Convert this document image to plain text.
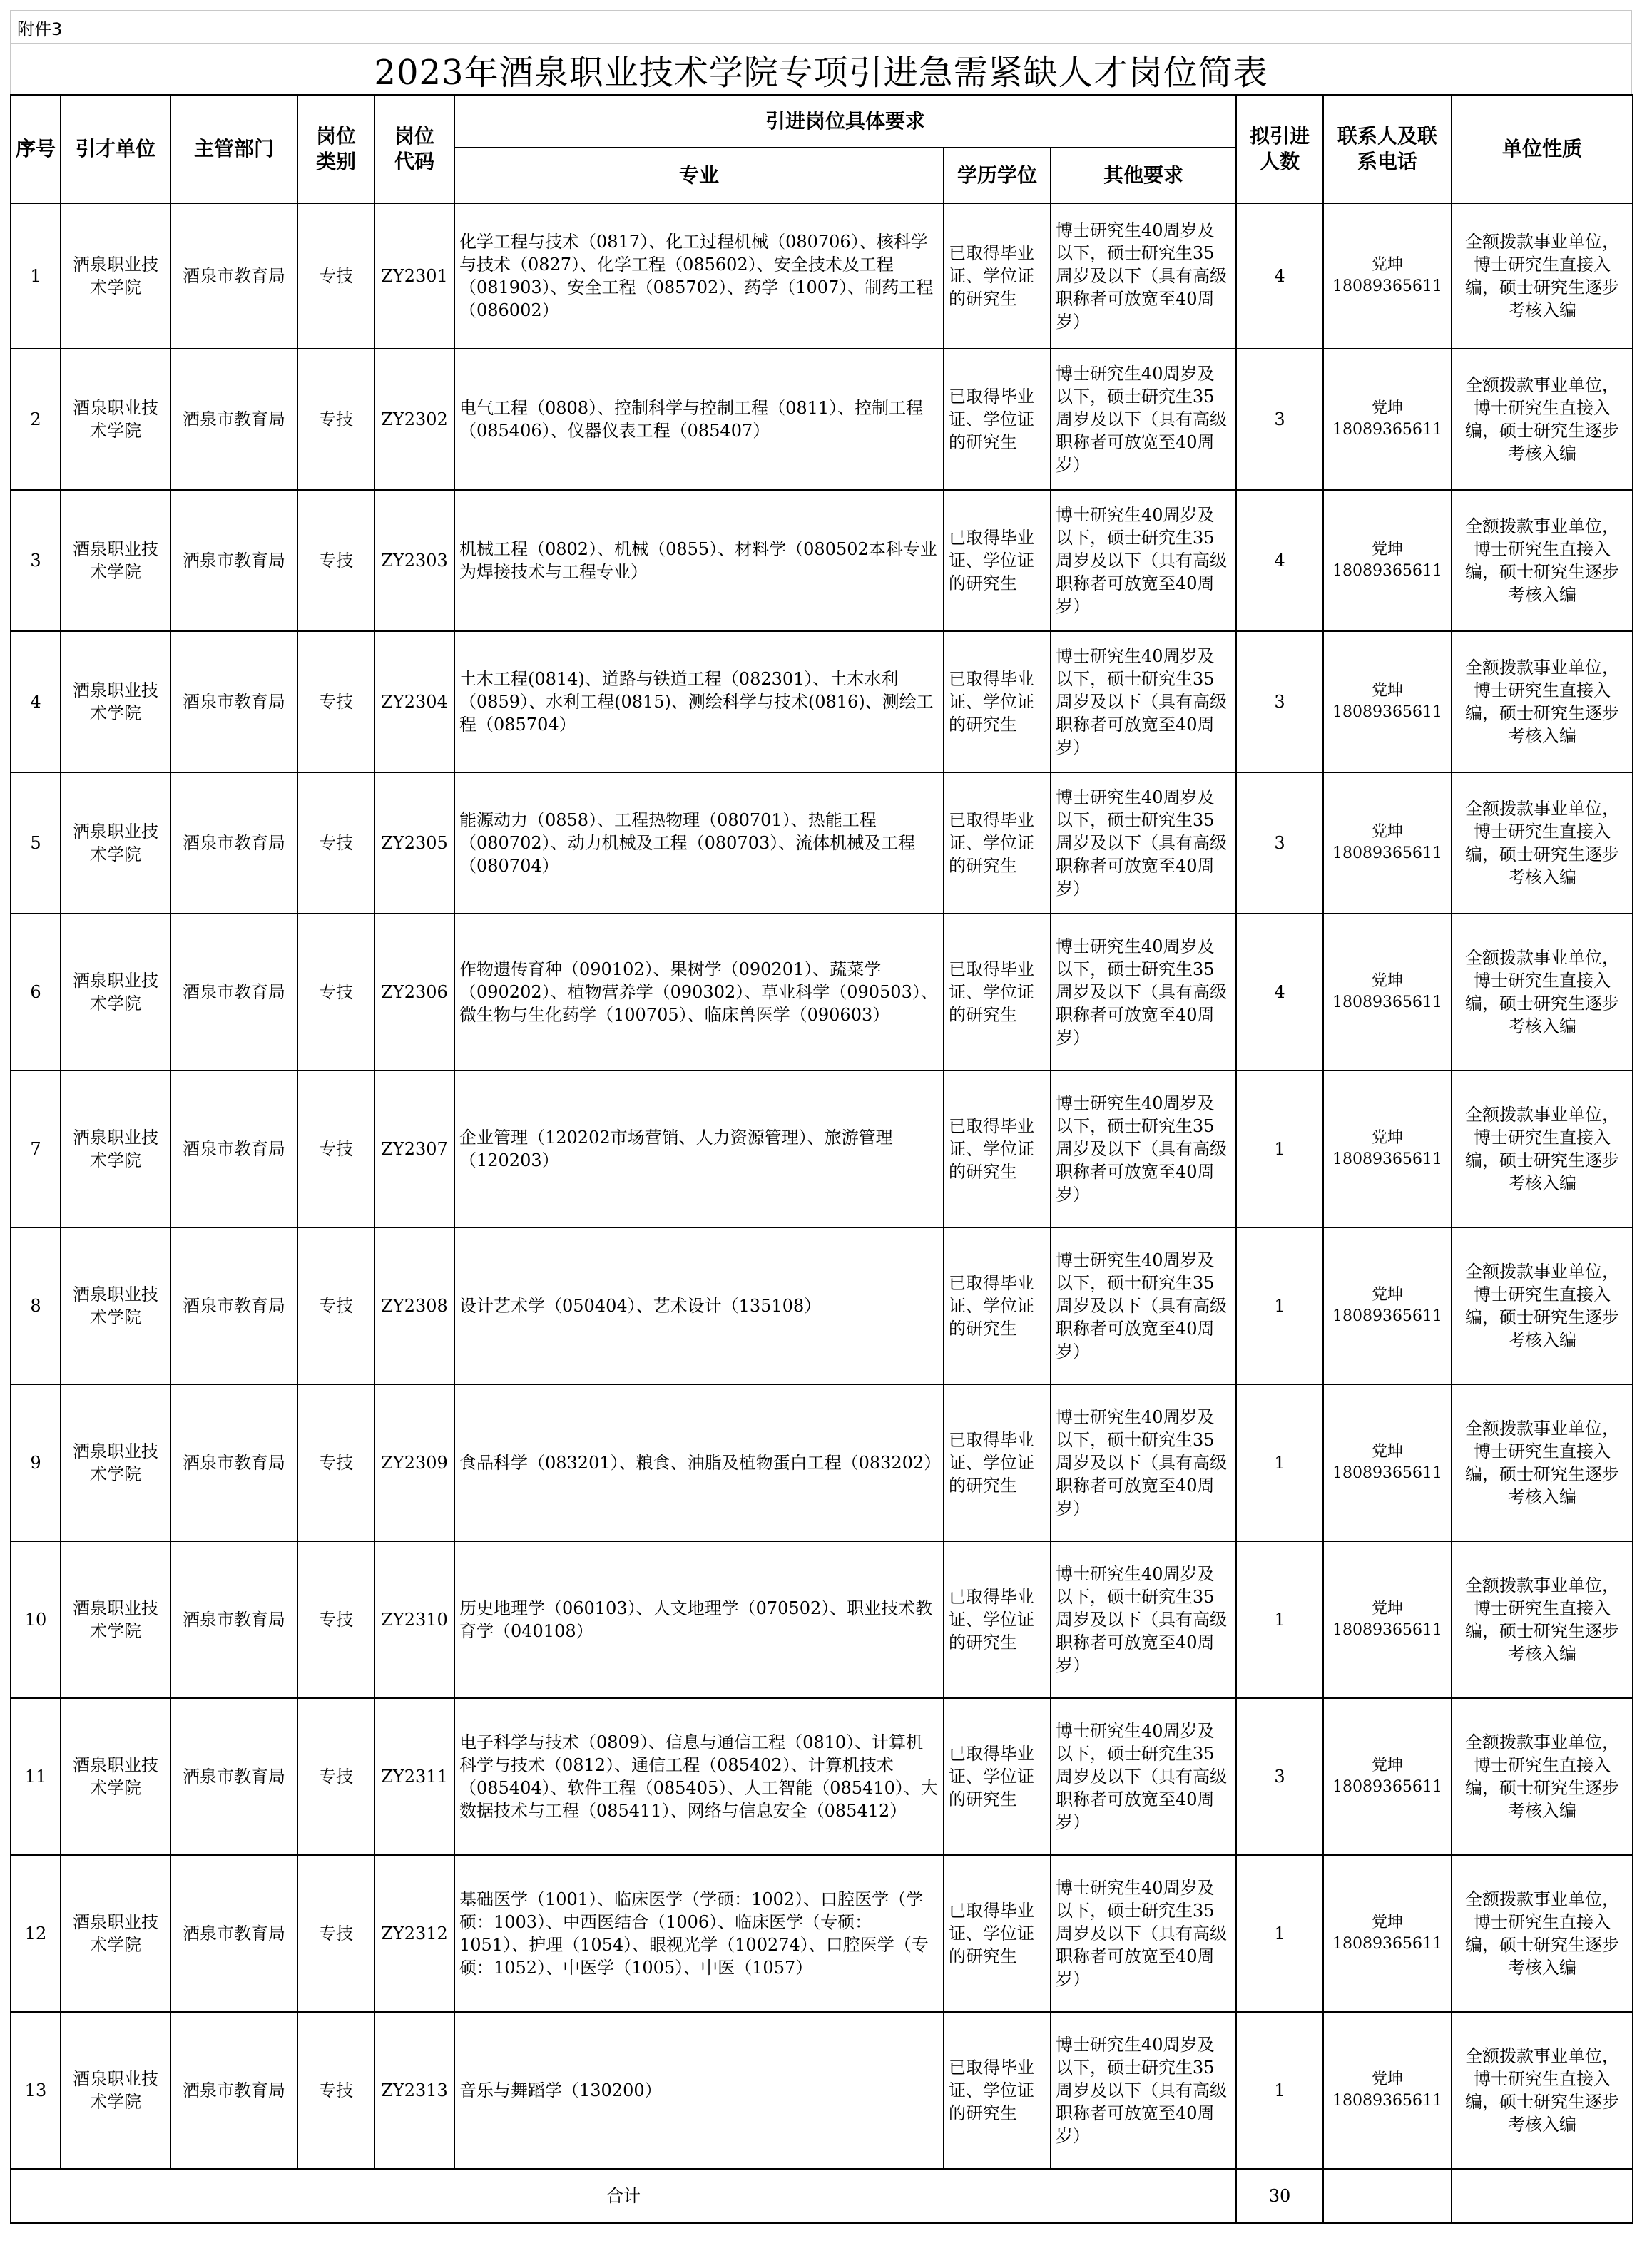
附件3
2023年酒泉职业技术学院专项引进急需紧缺人才岗位简表
序号	引才单位	主管部门	岗位类别	岗位代码	引进岗位具体要求			拟引进人数	联系人及联系电话	单位性质
					专业	学历学位	其他要求			
1	酒泉职业技术学院	酒泉市教育局	专技	ZY2301	化学工程与技术（0817）、化工过程机械（080706）、核科学与技术（0827）、化学工程（085602）、安全技术及工程（081903）、安全工程（085702）、药学（1007）、制药工程（086002）	已取得毕业证、学位证的研究生	博士研究生40周岁及以下，硕士研究生35周岁及以下（具有高级职称者可放宽至40周岁）	4	党坤
18089365611	全额拨款事业单位，博士研究生直接入编，硕士研究生逐步考核入编
2	酒泉职业技术学院	酒泉市教育局	专技	ZY2302	电气工程（0808）、控制科学与控制工程（0811）、控制工程（085406）、仪器仪表工程（085407）	已取得毕业证、学位证的研究生	博士研究生40周岁及以下，硕士研究生35周岁及以下（具有高级职称者可放宽至40周岁）	3	党坤
18089365611	全额拨款事业单位，博士研究生直接入编，硕士研究生逐步考核入编
3	酒泉职业技术学院	酒泉市教育局	专技	ZY2303	机械工程（0802）、机械（0855）、材料学（080502本科专业为焊接技术与工程专业）	已取得毕业证、学位证的研究生	博士研究生40周岁及以下，硕士研究生35周岁及以下（具有高级职称者可放宽至40周岁）	4	党坤
18089365611	全额拨款事业单位，博士研究生直接入编，硕士研究生逐步考核入编
4	酒泉职业技术学院	酒泉市教育局	专技	ZY2304	土木工程(0814)、道路与铁道工程（082301）、土木水利（0859）、水利工程(0815)、测绘科学与技术(0816)、测绘工程（085704）	已取得毕业证、学位证的研究生	博士研究生40周岁及以下，硕士研究生35周岁及以下（具有高级职称者可放宽至40周岁）	3	党坤
18089365611	全额拨款事业单位，博士研究生直接入编，硕士研究生逐步考核入编
5	酒泉职业技术学院	酒泉市教育局	专技	ZY2305	能源动力（0858）、工程热物理（080701）、热能工程（080702）、动力机械及工程（080703）、流体机械及工程（080704）	已取得毕业证、学位证的研究生	博士研究生40周岁及以下，硕士研究生35周岁及以下（具有高级职称者可放宽至40周岁）	3	党坤
18089365611	全额拨款事业单位，博士研究生直接入编，硕士研究生逐步考核入编
6	酒泉职业技术学院	酒泉市教育局	专技	ZY2306	作物遗传育种（090102）、果树学（090201）、蔬菜学（090202）、植物营养学（090302）、草业科学（090503）、微生物与生化药学（100705）、临床兽医学（090603）	已取得毕业证、学位证的研究生	博士研究生40周岁及以下，硕士研究生35周岁及以下（具有高级职称者可放宽至40周岁）	4	党坤
18089365611	全额拨款事业单位，博士研究生直接入编，硕士研究生逐步考核入编
7	酒泉职业技术学院	酒泉市教育局	专技	ZY2307	企业管理（120202市场营销、人力资源管理）、旅游管理（120203）	已取得毕业证、学位证的研究生	博士研究生40周岁及以下，硕士研究生35周岁及以下（具有高级职称者可放宽至40周岁）	1	党坤
18089365611	全额拨款事业单位，博士研究生直接入编，硕士研究生逐步考核入编
8	酒泉职业技术学院	酒泉市教育局	专技	ZY2308	设计艺术学（050404）、艺术设计（135108）	已取得毕业证、学位证的研究生	博士研究生40周岁及以下，硕士研究生35周岁及以下（具有高级职称者可放宽至40周岁）	1	党坤
18089365611	全额拨款事业单位，博士研究生直接入编，硕士研究生逐步考核入编
9	酒泉职业技术学院	酒泉市教育局	专技	ZY2309	食品科学（083201）、粮食、油脂及植物蛋白工程（083202）	已取得毕业证、学位证的研究生	博士研究生40周岁及以下，硕士研究生35周岁及以下（具有高级职称者可放宽至40周岁）	1	党坤
18089365611	全额拨款事业单位，博士研究生直接入编，硕士研究生逐步考核入编
10	酒泉职业技术学院	酒泉市教育局	专技	ZY2310	历史地理学（060103）、人文地理学（070502）、职业技术教育学（040108）	已取得毕业证、学位证的研究生	博士研究生40周岁及以下，硕士研究生35周岁及以下（具有高级职称者可放宽至40周岁）	1	党坤
18089365611	全额拨款事业单位，博士研究生直接入编，硕士研究生逐步考核入编
11	酒泉职业技术学院	酒泉市教育局	专技	ZY2311	电子科学与技术（0809）、信息与通信工程（0810）、计算机科学与技术（0812）、通信工程（085402）、计算机技术（085404）、软件工程（085405）、人工智能（085410）、大数据技术与工程（085411）、网络与信息安全（085412）	已取得毕业证、学位证的研究生	博士研究生40周岁及以下，硕士研究生35周岁及以下（具有高级职称者可放宽至40周岁）	3	党坤
18089365611	全额拨款事业单位，博士研究生直接入编，硕士研究生逐步考核入编
12	酒泉职业技术学院	酒泉市教育局	专技	ZY2312	基础医学（1001）、临床医学（学硕：1002）、口腔医学（学硕：1003）、中西医结合（1006）、临床医学（专硕：1051）、护理（1054）、眼视光学（100274）、口腔医学（专硕：1052）、中医学（1005）、中医（1057）	已取得毕业证、学位证的研究生	博士研究生40周岁及以下，硕士研究生35周岁及以下（具有高级职称者可放宽至40周岁）	1	党坤
18089365611	全额拨款事业单位，博士研究生直接入编，硕士研究生逐步考核入编
13	酒泉职业技术学院	酒泉市教育局	专技	ZY2313	音乐与舞蹈学（130200）	已取得毕业证、学位证的研究生	博士研究生40周岁及以下，硕士研究生35周岁及以下（具有高级职称者可放宽至40周岁）	1	党坤
18089365611	全额拨款事业单位，博士研究生直接入编，硕士研究生逐步考核入编
合计								30		
